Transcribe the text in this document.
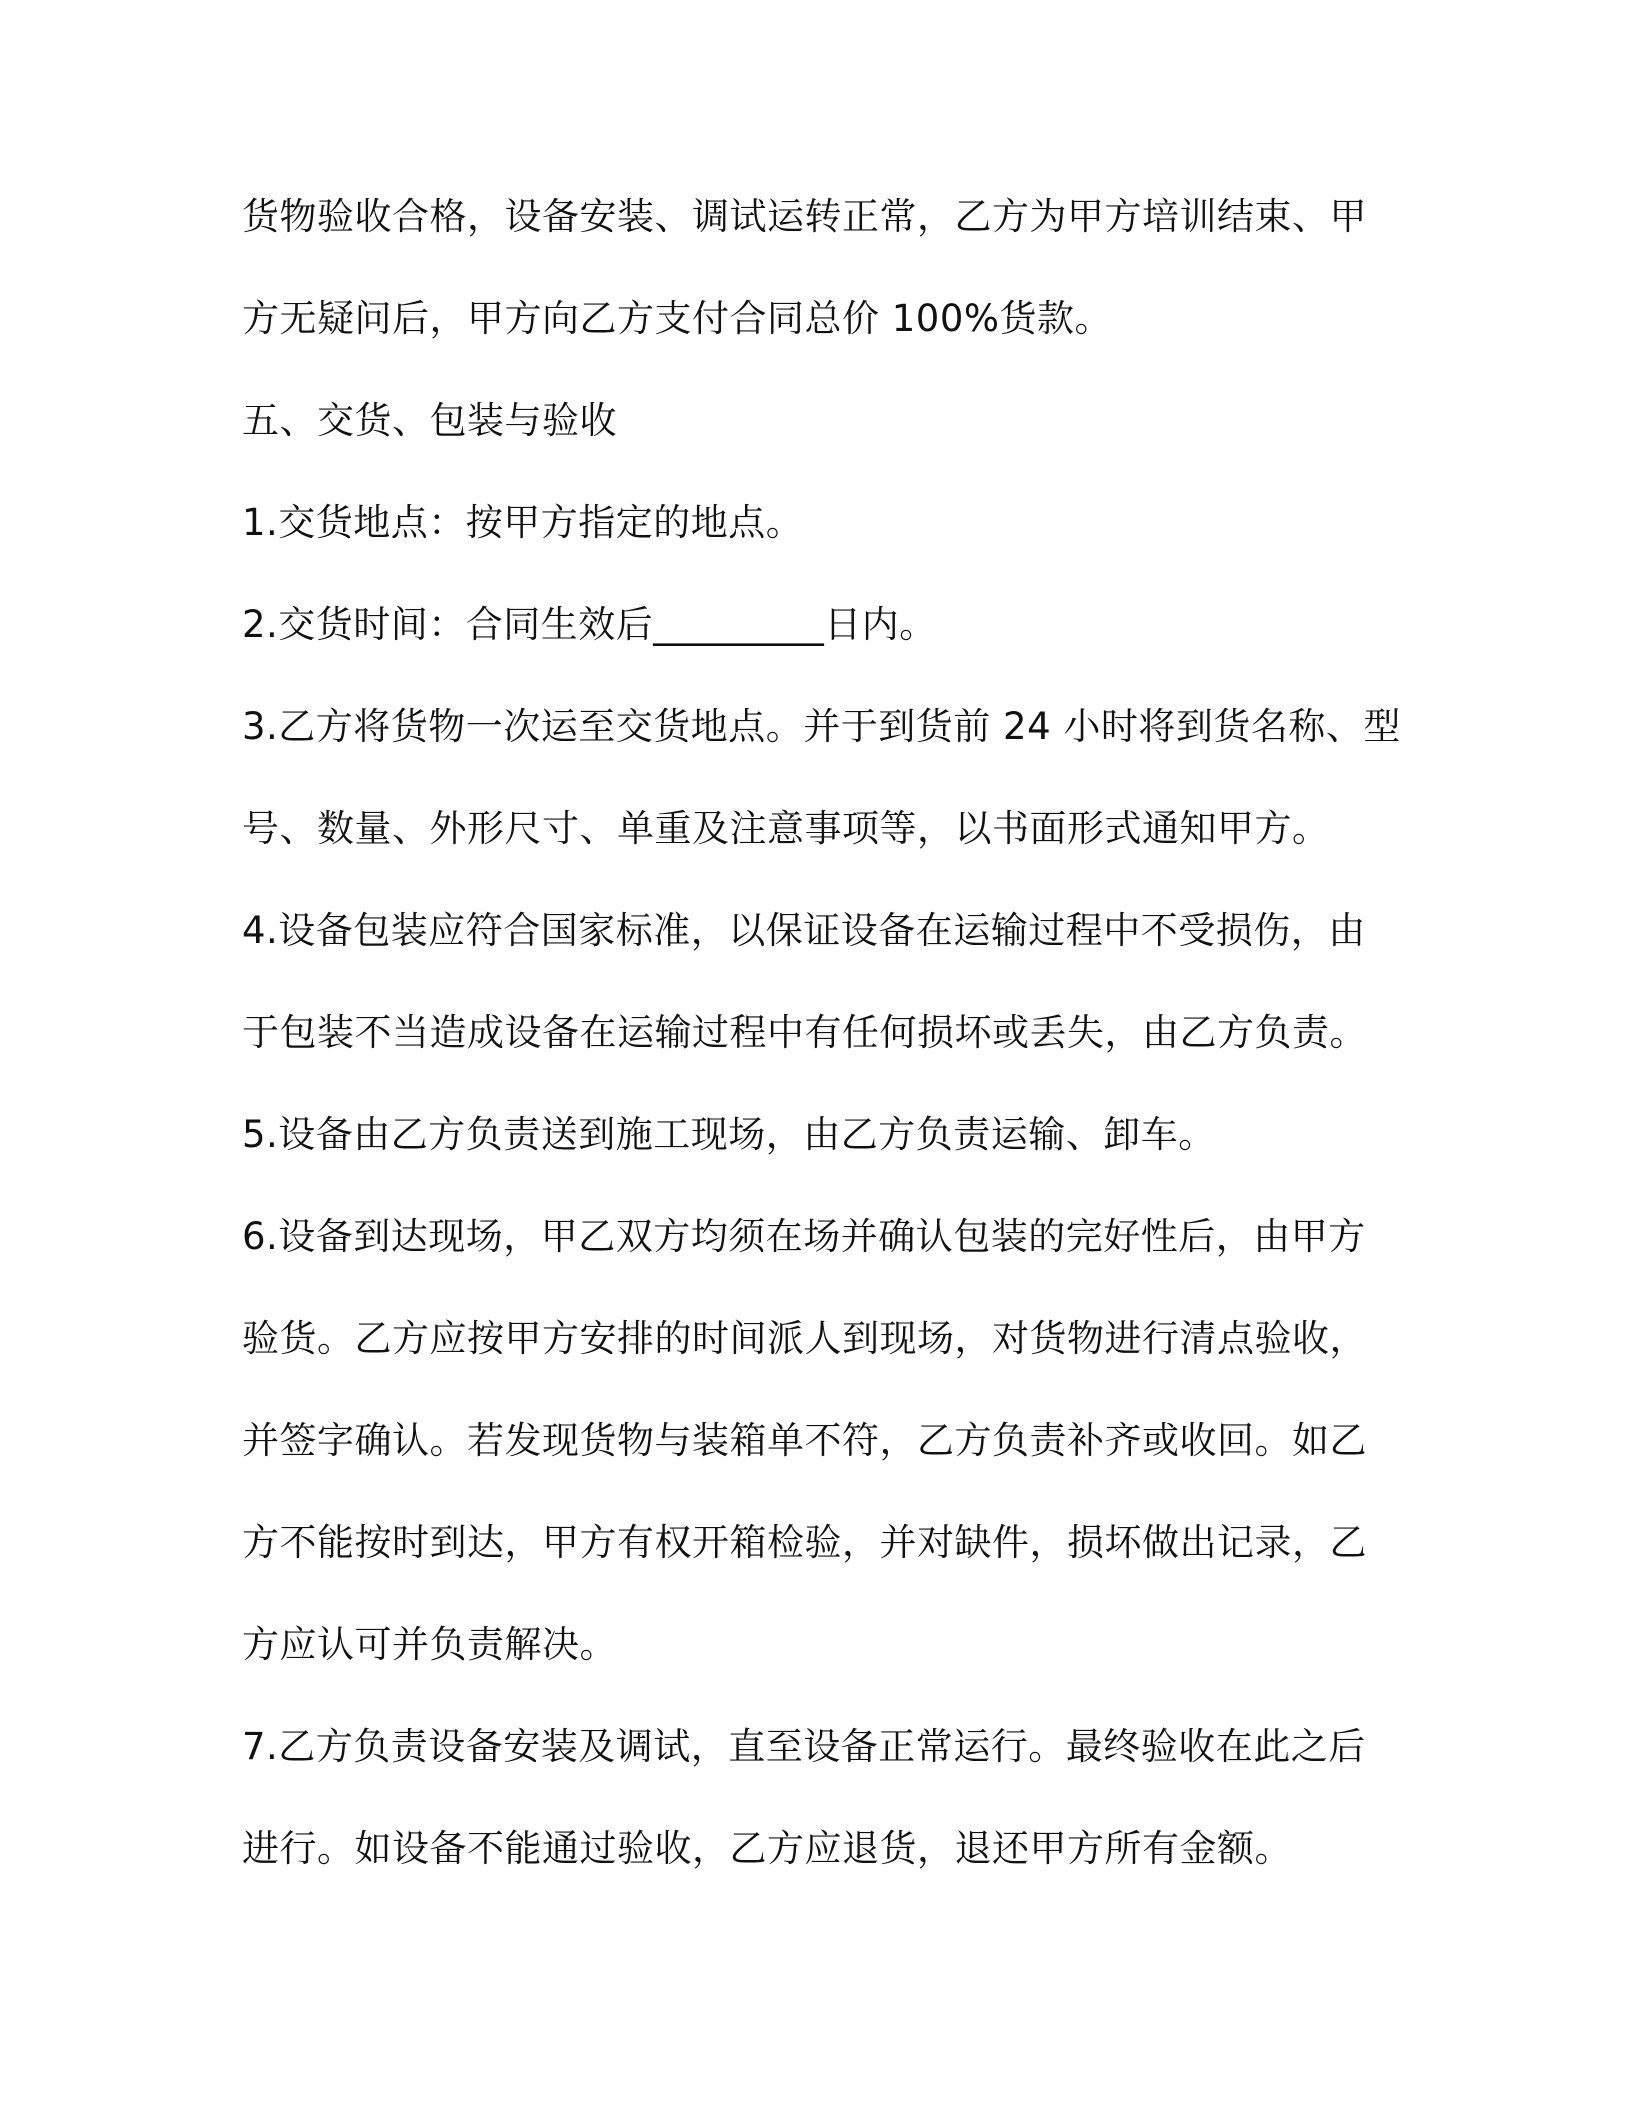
货物验收合格，设备安装、调试运转正常，乙方为甲方培训结束、甲
方无疑问后，甲方向乙方支付合同总价 100%货款。
五、交货、包装与验收
1.交货地点：按甲方指定的地点。
2.交货时间：合同生效后_________日内。
3.乙方将货物一次运至交货地点。并于到货前 24 小时将到货名称、型
号、数量、外形尺寸、单重及注意事项等，以书面形式通知甲方。
4.设备包装应符合国家标准，以保证设备在运输过程中不受损伤，由
于包装不当造成设备在运输过程中有任何损坏或丢失，由乙方负责。
5.设备由乙方负责送到施工现场，由乙方负责运输、卸车。
6.设备到达现场，甲乙双方均须在场并确认包装的完好性后，由甲方
验货。乙方应按甲方安排的时间派人到现场，对货物进行清点验收，
并签字确认。若发现货物与装箱单不符，乙方负责补齐或收回。如乙
方不能按时到达，甲方有权开箱检验，并对缺件，损坏做出记录，乙
方应认可并负责解决。
7.乙方负责设备安装及调试，直至设备正常运行。最终验收在此之后
进行。如设备不能通过验收，乙方应退货，退还甲方所有金额。
